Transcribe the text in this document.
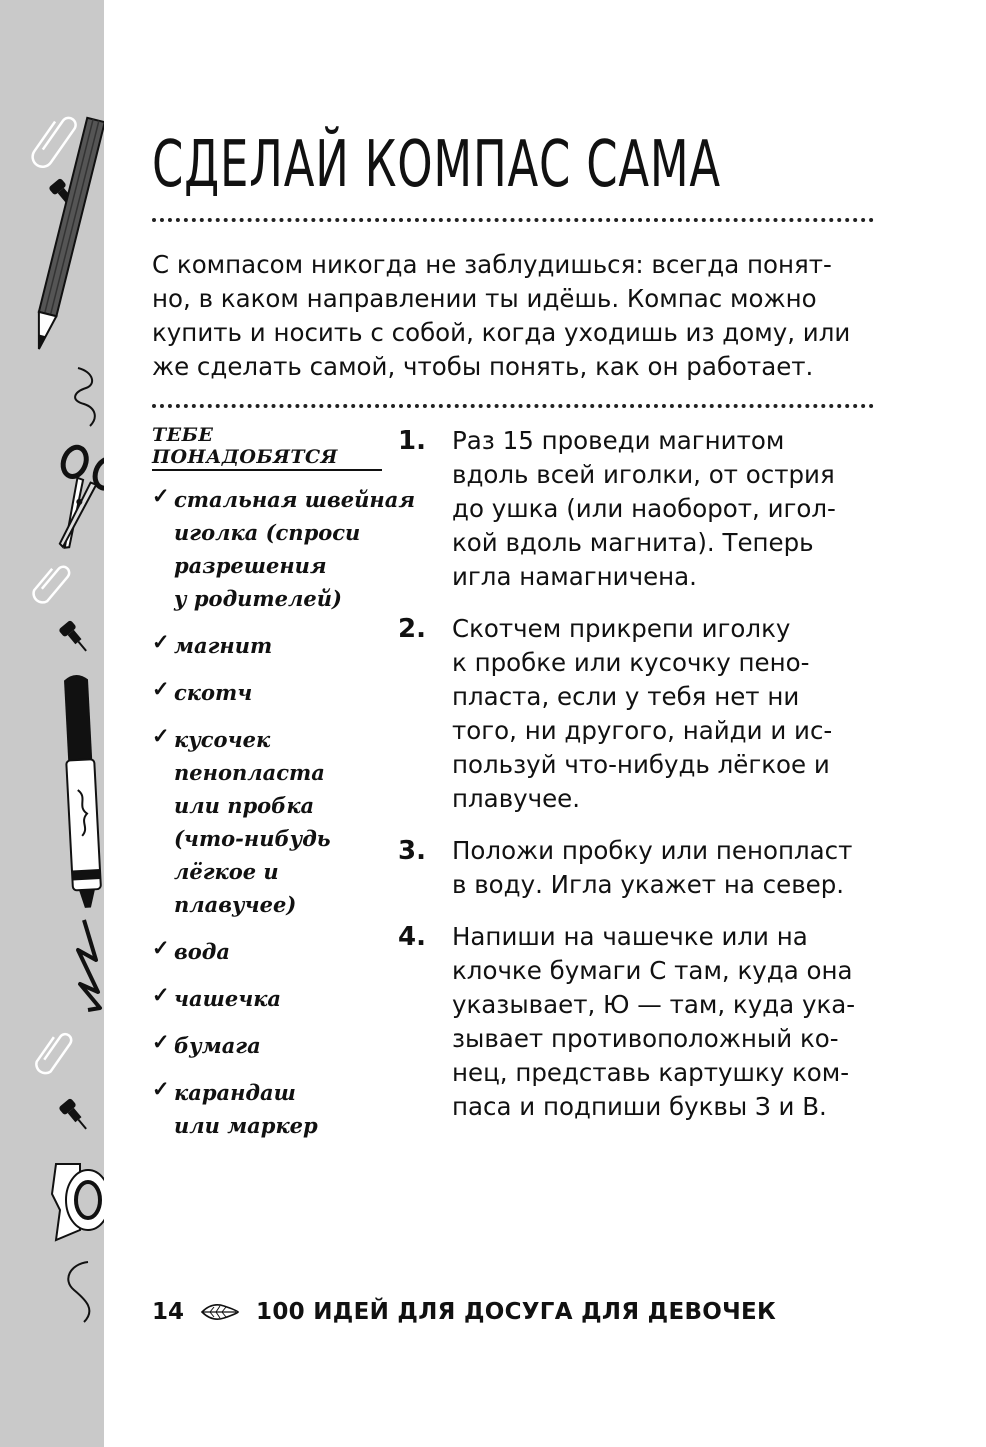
СДЕЛАЙ КОМПАС САМА
С компасом никогда не заблудишься: всегда понят-
но, в каком направлении ты идёшь. Компас можно
купить и носить с собой, когда уходишь из дому, или
же сделать самой, чтобы понять, как он работает.
ТЕБЕ ПОНАДОБЯТСЯ
✓ стальная швейная
иголка (спроси
разрешения
у родителей)
✓ магнит
✓ скотч
✓ кусочек
пенопласта
или пробка
(что-нибудь
лёгкое и
плавучее)
✓ вода
✓ чашечка
✓ бумага
✓ карандаш
или маркер
1. Раз 15 проведи магнитом
вдоль всей иголки, от острия
до ушка (или наоборот, игол-
кой вдоль магнита). Теперь
игла намагничена.
2. Скотчем прикрепи иголку
к пробке или кусочку пено-
пласта, если у тебя нет ни
того, ни другого, найди и ис-
пользуй что-нибудь лёгкое и
плавучее.
3. Положи пробку или пенопласт
в воду. Игла укажет на север.
4. Напиши на чашечке или на
клочке бумаги С там, куда она
указывает, Ю — там, куда ука-
зывает противоположный ко-
нец, представь картушку ком-
паса и подпиши буквы З и В.
14	100 ИДЕЙ ДЛЯ ДОСУГА ДЛЯ ДЕВОЧЕК
